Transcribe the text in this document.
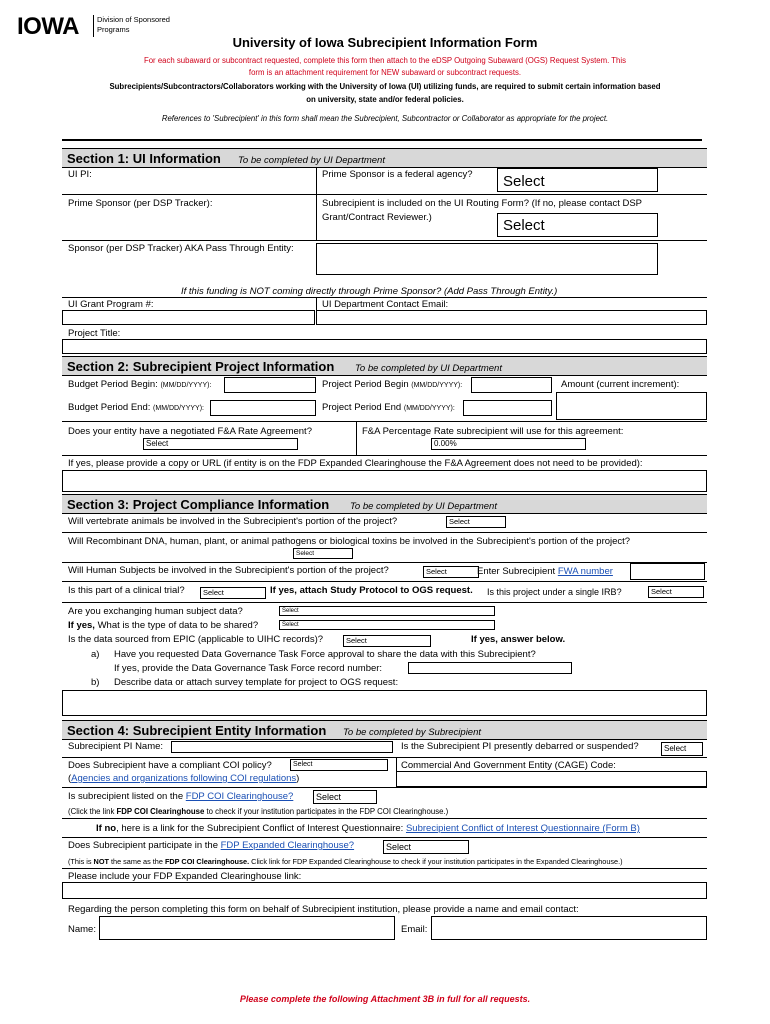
IOWA Division of Sponsored
Programs
University of Iowa Subrecipient Information Form
For each subaward or subcontract requested, complete this form then attach to the eDSP Outgoing Subaward (OGS) Request System. This
form is an attachment requirement for NEW subaward or subcontract requests.
Subrecipients/Subcontractors/Collaborators working with the University of Iowa (UI) utilizing funds, are required to submit certain information based
on university, state and/or federal policies.
References to 'Subrecipient' in this form shall mean the Subrecipient, Subcontractor or Collaborator as appropriate for the project.
Section 1: UI Information To be completed by UI Department
UI PI:	Prime Sponsor is a federal agency?	Select
Prime Sponsor (per DSP Tracker):	Subrecipient is included on the UI Routing Form? (If no, please contact DSP
Grant/Contract Reviewer.)	Select
Sponsor (per DSP Tracker) AKA Pass Through Entity:
If this funding is NOT coming directly through Prime Sponsor? (Add Pass Through Entity.)
UI Grant Program #:	UI Department Contact Email:
Project Title:
Section 2: Subrecipient Project Information To be completed by UI Department
Budget Period Begin: (MM/DD/YYYY):	Project Period Begin (MM/DD/YYYY):	Amount (current increment):
Budget Period End: (MM/DD/YYYY):	Project Period End (MM/DD/YYYY):
Does your entity have a negotiated F&A Rate Agreement?
Select
F&A Percentage Rate subrecipient will use for this agreement:
0.00%
If yes, please provide a copy or URL (if entity is on the FDP Expanded Clearinghouse the F&A Agreement does not need to be provided):
Section 3: Project Compliance Information To be completed by UI Department
Will vertebrate animals be involved in the Subrecipient's portion of the project?	Select
Will Recombinant DNA, human, plant, or animal pathogens or biological toxins be involved in the Subrecipient's portion of the project?
Select
Will Human Subjects be involved in the Subrecipient's portion of the project?	Select	Enter Subrecipient FWA number
Is this part of a clinical trial?	Select	If yes, attach Study Protocol to OGS request. Is this project under a single IRB?	Select
Are you exchanging human subject data?	Select
If yes, What is the type of data to be shared?	Select
Is the data sourced from EPIC (applicable to UIHC records)?	Select	If yes, answer below.
a) Have you requested Data Governance Task Force approval to share the data with this Subrecipient?
If yes, provide the Data Governance Task Force record number:
b) Describe data or attach survey template for project to OGS request:
Section 4: Subrecipient Entity Information To be completed by Subrecipient
Subrecipient PI Name:	Is the Subrecipient PI presently debarred or suspended?	Select
Does Subrecipient have a compliant COI policy?	Select
(Agencies and organizations following COI regulations)
Commercial And Government Entity (CAGE) Code:
Is subrecipient listed on the FDP COI Clearinghouse?	Select
(Click the link FDP COI Clearinghouse to check if your institution participates in the FDP COI Clearinghouse.)
If no, here is a link for the Subrecipient Conflict of Interest Questionnaire: Subrecipient Conflict of Interest Questionnaire (Form B)
Does Subrecipient participate in the FDP Expanded Clearinghouse?	Select
(This is NOT the same as the FDP COI Clearinghouse. Click link for FDP Expanded Clearinghouse to check if your institution participates in the Expanded Clearinghouse.)
Please include your FDP Expanded Clearinghouse link:
Regarding the person completing this form on behalf of Subrecipient institution, please provide a name and email contact:
Name:	Email:
Please complete the following Attachment 3B in full for all requests.
